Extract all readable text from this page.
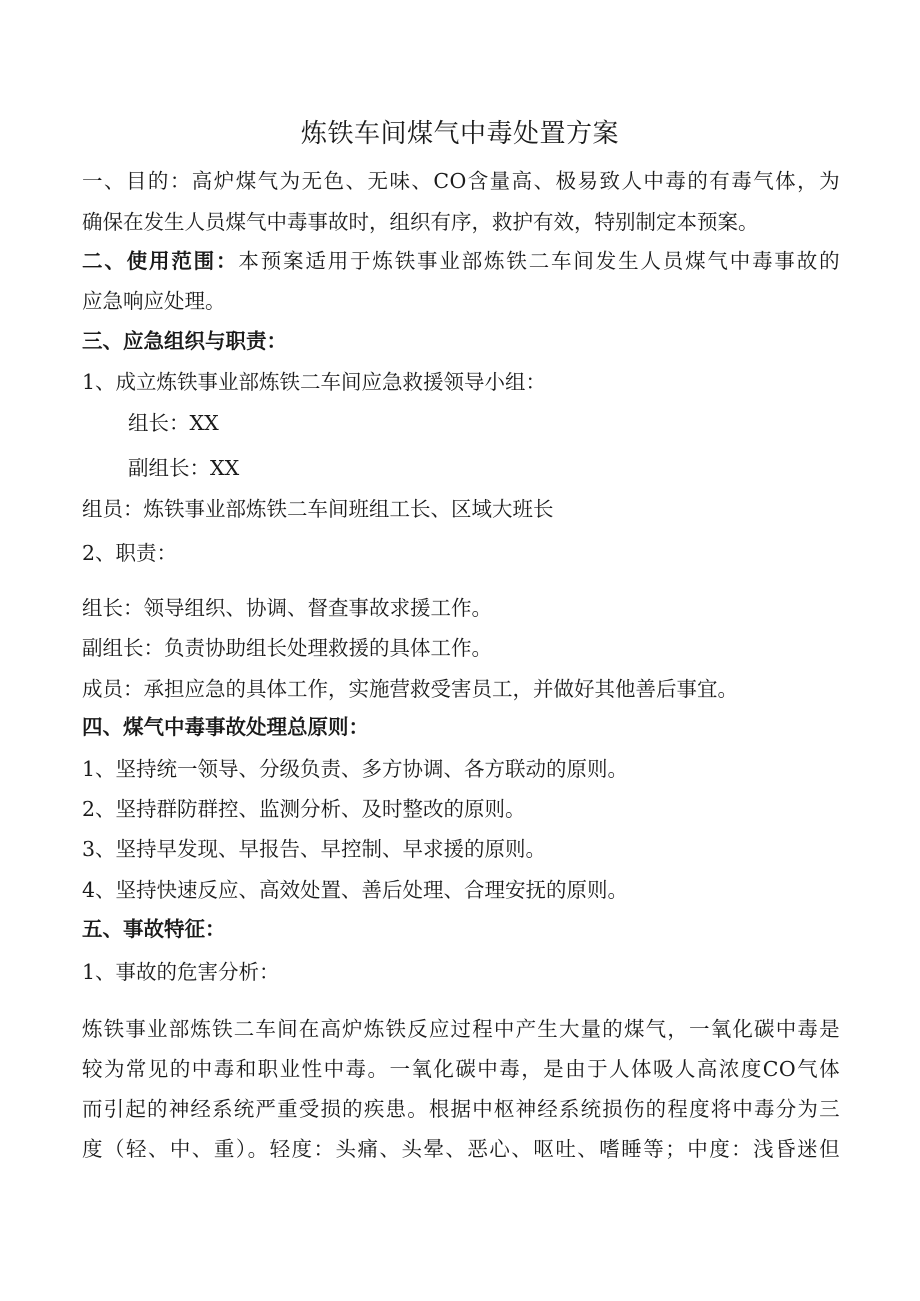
炼铁车间煤气中毒处置方案

一、目的：高炉煤气为无色、无味、CO含量高、极易致人中毒的有毒气体，为

确保在发生人员煤气中毒事故时，组织有序，救护有效，特别制定本预案。

二、使用范围：本预案适用于炼铁事业部炼铁二车间发生人员煤气中毒事故的

应急响应处理。

三、应急组织与职责：

1、成立炼铁事业部炼铁二车间应急救援领导小组：

组长：XX

副组长：XX

组员：炼铁事业部炼铁二车间班组工长、区域大班长

2、职责：

组长：领导组织、协调、督查事故求援工作。

副组长：负责协助组长处理救援的具体工作。

成员：承担应急的具体工作，实施营救受害员工，并做好其他善后事宜。

四、煤气中毒事故处理总原则：

1、坚持统一领导、分级负责、多方协调、各方联动的原则。

2、坚持群防群控、监测分析、及时整改的原则。

3、坚持早发现、早报告、早控制、早求援的原则。

4、坚持快速反应、高效处置、善后处理、合理安抚的原则。

五、事故特征：

1、事故的危害分析：

炼铁事业部炼铁二车间在高炉炼铁反应过程中产生大量的煤气，一氧化碳中毒是

较为常见的中毒和职业性中毒。一氧化碳中毒，是由于人体吸人高浓度CO气体

而引起的神经系统严重受损的疾患。根据中枢神经系统损伤的程度将中毒分为三

度（轻、中、重）。轻度：头痛、头晕、恶心、呕吐、嗜睡等；中度：浅昏迷但
